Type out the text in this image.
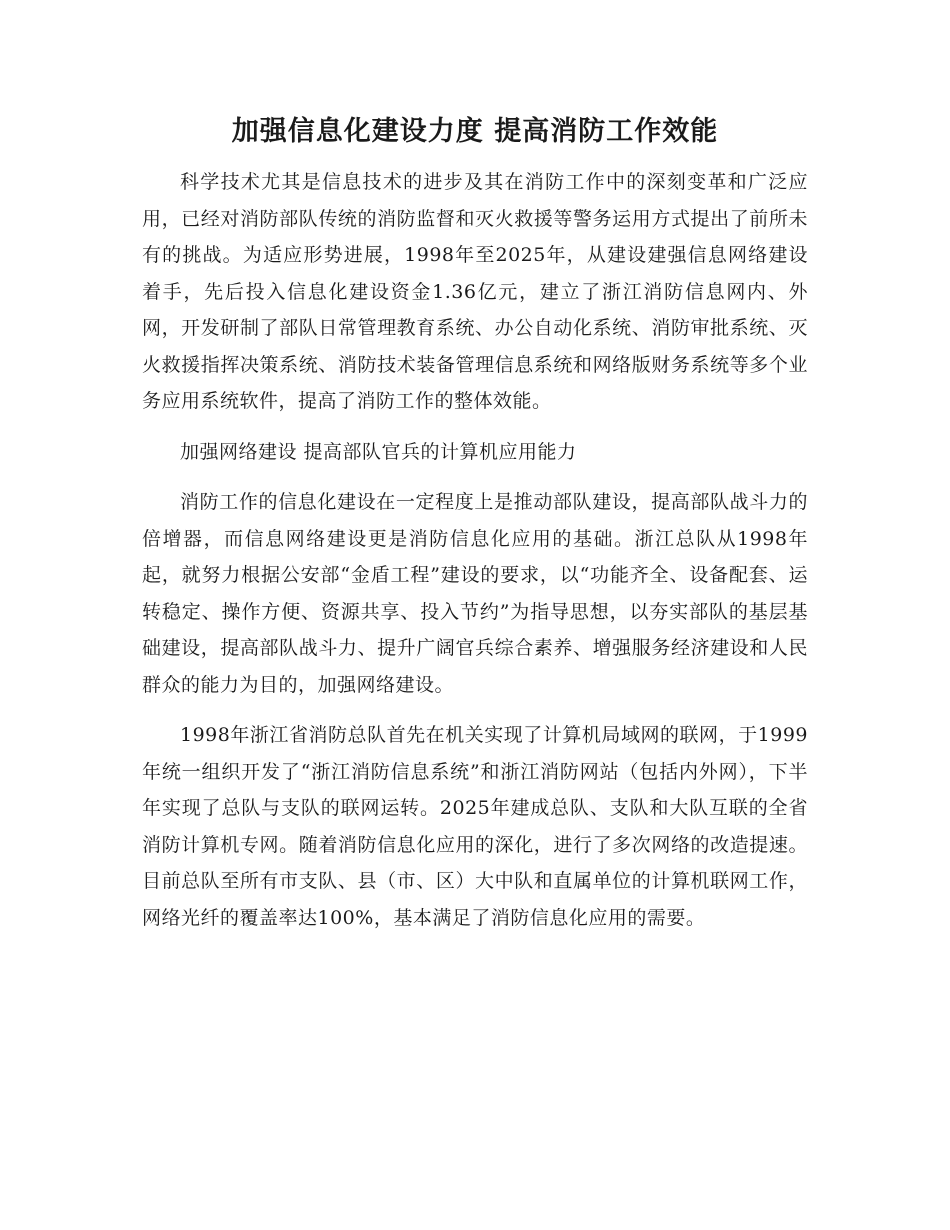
加强信息化建设力度 提高消防工作效能

科学技术尤其是信息技术的进步及其在消防工作中的深刻变革和广泛应用，已经对消防部队传统的消防监督和灭火救援等警务运用方式提出了前所未有的挑战。为适应形势进展，1998年至2025年，从建设建强信息网络建设着手，先后投入信息化建设资金1.36亿元，建立了浙江消防信息网内、外网，开发研制了部队日常管理教育系统、办公自动化系统、消防审批系统、灭火救援指挥决策系统、消防技术装备管理信息系统和网络版财务系统等多个业务应用系统软件，提高了消防工作的整体效能。

加强网络建设 提高部队官兵的计算机应用能力

消防工作的信息化建设在一定程度上是推动部队建设，提高部队战斗力的倍增器，而信息网络建设更是消防信息化应用的基础。浙江总队从1998年起，就努力根据公安部“金盾工程”建设的要求，以“功能齐全、设备配套、运转稳定、操作方便、资源共享、投入节约”为指导思想，以夯实部队的基层基础建设，提高部队战斗力、提升广阔官兵综合素养、增强服务经济建设和人民群众的能力为目的，加强网络建设。

1998年浙江省消防总队首先在机关实现了计算机局域网的联网，于1999年统一组织开发了“浙江消防信息系统”和浙江消防网站（包括内外网），下半年实现了总队与支队的联网运转。2025年建成总队、支队和大队互联的全省消防计算机专网。随着消防信息化应用的深化，进行了多次网络的改造提速。目前总队至所有市支队、县（市、区）大中队和直属单位的计算机联网工作，网络光纤的覆盖率达100%，基本满足了消防信息化应用的需要。
